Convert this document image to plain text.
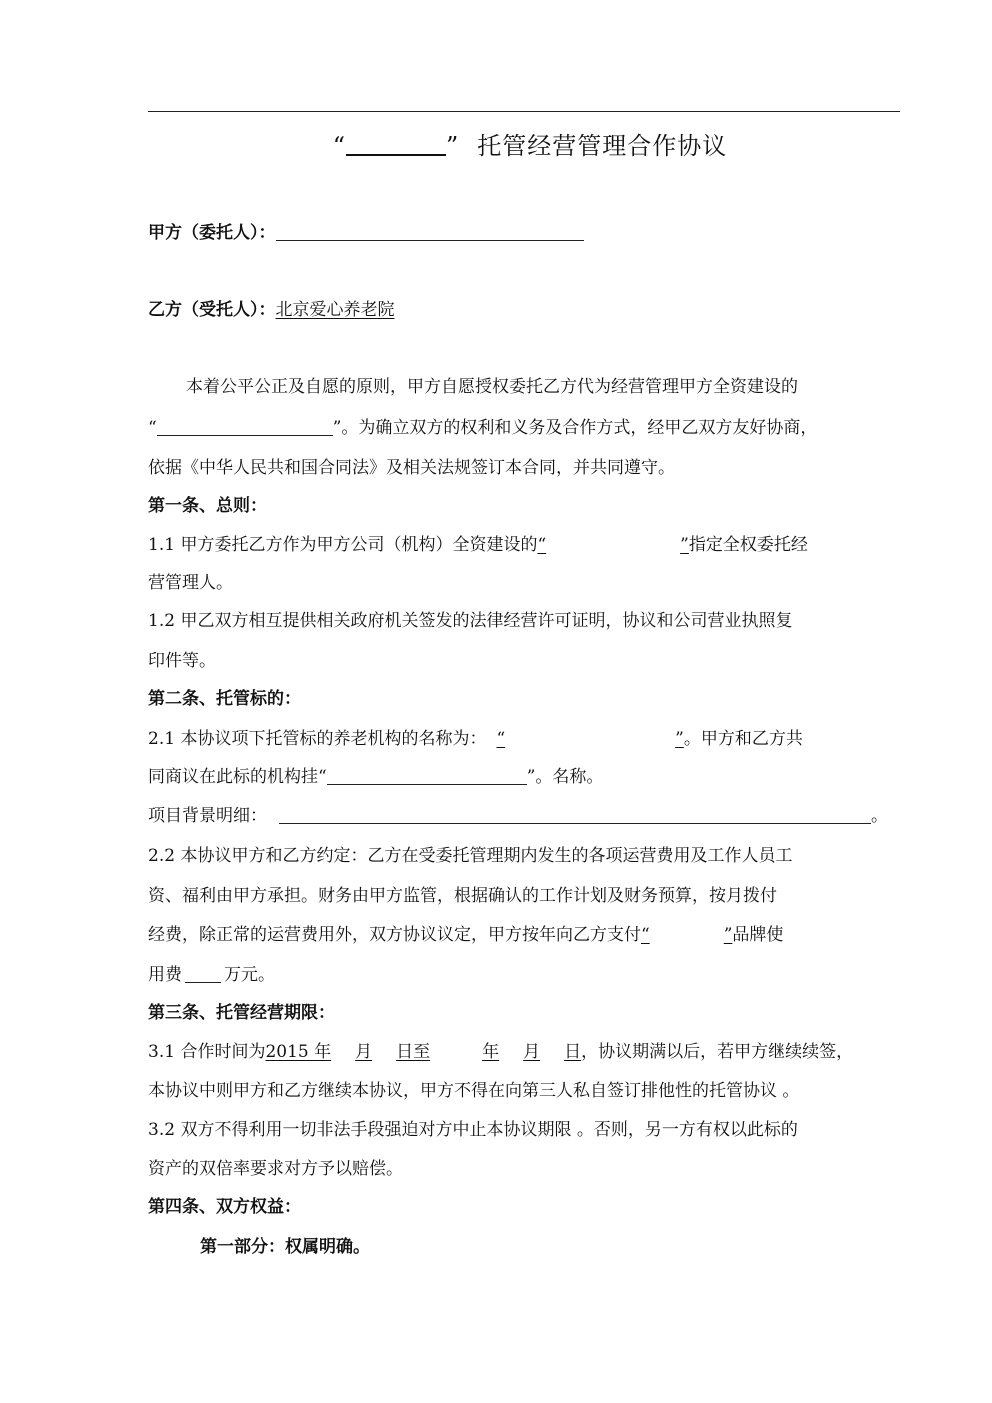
“	” 托管经营管理合作协议
甲方（委托人）：
乙方（受托人）：北京爱心养老院
本着公平公正及自愿的原则，甲方自愿授权委托乙方代为经营管理甲方全资建设的
“	”。为确立双方的权利和义务及合作方式，经甲乙双方友好协商，
依据《中华人民共和国合同法》及相关法规签订本合同，并共同遵守。
第一条、总则：
1.1 甲方委托乙方作为甲方公司（机构）全资建设的“	”指定全权委托经
营管理人。
1.2 甲乙双方相互提供相关政府机关签发的法律经营许可证明，协议和公司营业执照复
印件等。
第二条、托管标的：
2.1 本协议项下托管标的养老机构的名称为： “	”。甲方和乙方共
同商议在此标的机构挂“	”。名称。
项目背景明细：	。
2.2 本协议甲方和乙方约定：乙方在受委托管理期内发生的各项运营费用及工作人员工
资、福利由甲方承担。财务由甲方监管，根据确认的工作计划及财务预算，按月拨付
经费，除正常的运营费用外，双方协议议定，甲方按年向乙方支付“	”品牌使
用费 万元。
第三条、托管经营期限：
3.1 合作时间为2015 年 月 日至	年 月 日，协议期满以后，若甲方继续续签，
本协议中则甲方和乙方继续本协议，甲方不得在向第三人私自签订排他性的托管协议 。
3.2 双方不得利用一切非法手段强迫对方中止本协议期限 。否则，另一方有权以此标的
资产的双倍率要求对方予以赔偿。
第四条、双方权益：
第一部分：权属明确。
